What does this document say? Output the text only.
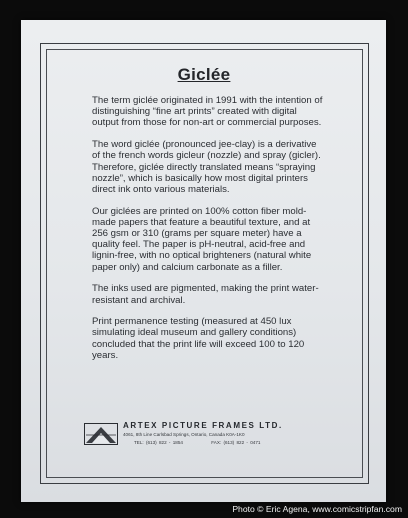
Giclée

The term giclée originated in 1991 with the intention of distinguishing “fine art prints” created with digital output from those for non-art or commercial purposes.

The word giclée (pronounced jee-clay) is a derivative of the french words gicleur (nozzle) and spray (gicler). Therefore, giclée directly translated means “spraying nozzle”, which is basically how most digital printers direct ink onto various materials.

Our giclées are printed on 100% cotton fiber mold-made papers that feature a beautiful texture, and at 256 gsm or 310 (grams per square meter) have a quality feel. The paper is pH-neutral, acid-free and lignin-free, with no optical brighteners (natural white paper only) and calcium carbonate as a filler.

The inks used are pigmented, making the print water-resistant and archival.

Print permanence testing (measured at 450 lux simulating ideal museum and gallery conditions) concluded that the print life will exceed 100 to 120 years.

ARTEX PICTURE FRAMES LTD.
4061, 8th Line Carlsbad Springs, Ontario, Canada K0A-1K0
TEL: (613) 822 - 1854	FAX: (613) 822 - 0471
Photo © Eric Agena, www.comicstripfan.com
